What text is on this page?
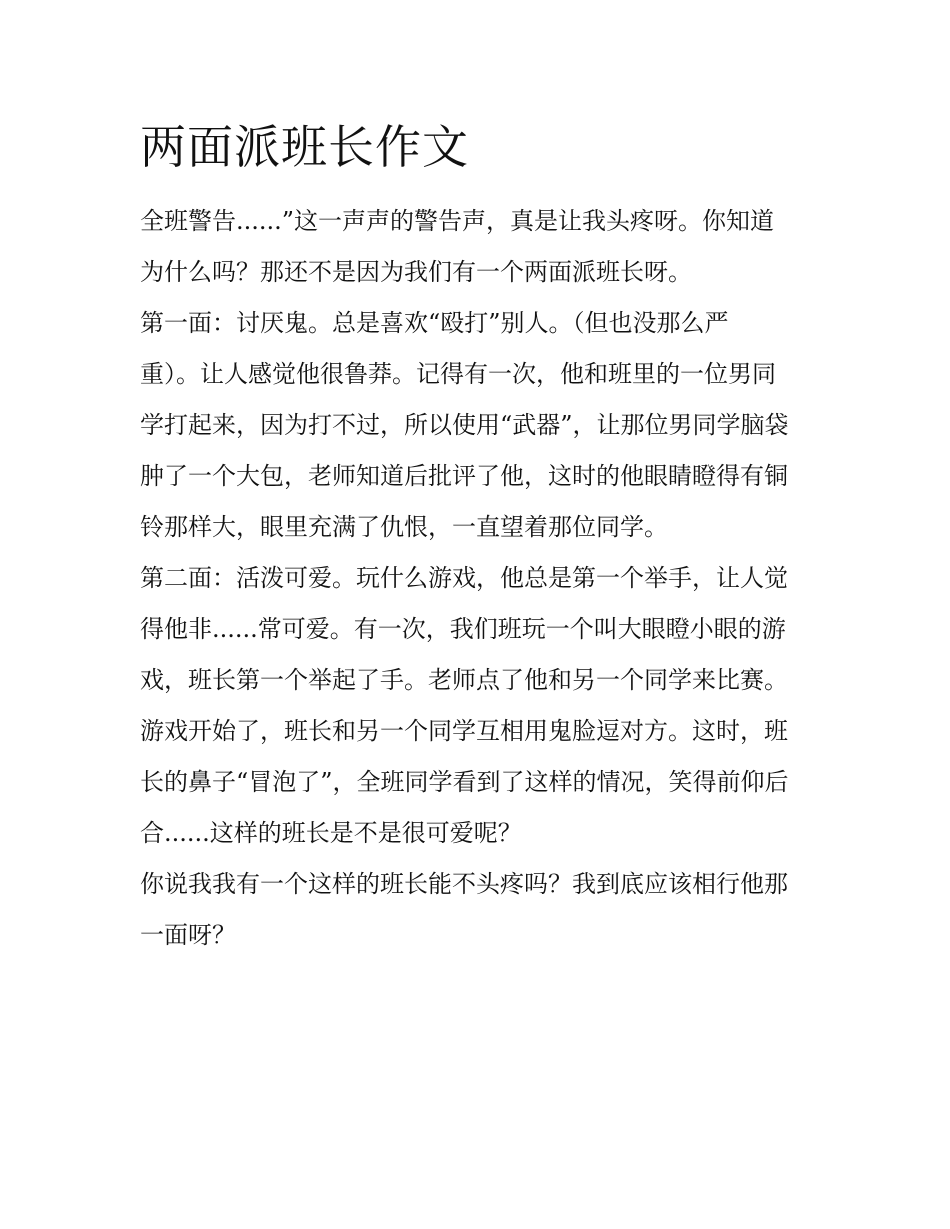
两面派班长作文

全班警告......”这一声声的警告声，真是让我头疼呀。你知道

为什么吗？那还不是因为我们有一个两面派班长呀。

第一面：讨厌鬼。总是喜欢“殴打”别人。（但也没那么严

重）。让人感觉他很鲁莽。记得有一次，他和班里的一位男同

学打起来，因为打不过，所以使用“武器”，让那位男同学脑袋

肿了一个大包，老师知道后批评了他，这时的他眼睛瞪得有铜

铃那样大，眼里充满了仇恨，一直望着那位同学。

第二面：活泼可爱。玩什么游戏，他总是第一个举手，让人觉

得他非......常可爱。有一次，我们班玩一个叫大眼瞪小眼的游

戏，班长第一个举起了手。老师点了他和另一个同学来比赛。

游戏开始了，班长和另一个同学互相用鬼脸逗对方。这时，班

长的鼻子“冒泡了”，全班同学看到了这样的情况，笑得前仰后

合......这样的班长是不是很可爱呢？

你说我我有一个这样的班长能不头疼吗？我到底应该相行他那

一面呀？
